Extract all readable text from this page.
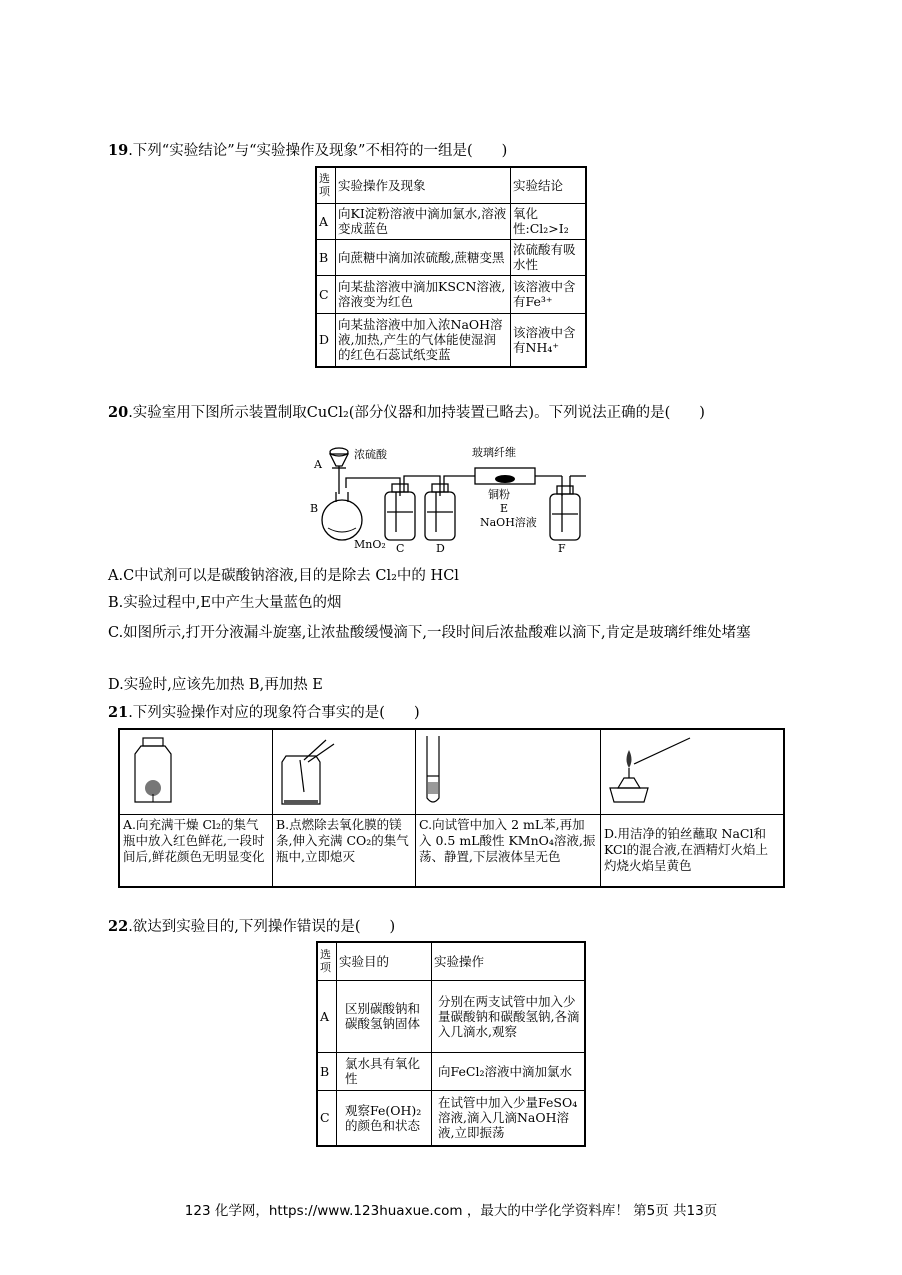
19.下列“实验结论”与“实验操作及现象”不相符的一组是(　　)
选项	实验操作及现象	实验结论
A	向KI淀粉溶液中滴加氯水,溶液变成蓝色	氧化性:Cl₂>I₂
B	向蔗糖中滴加浓硫酸,蔗糖变黑	浓硫酸有吸水性
C	向某盐溶液中滴加KSCN溶液,溶液变为红色	该溶液中含有Fe³⁺
D	向某盐溶液中加入浓NaOH溶液,加热,产生的气体能使湿润的红色石蕊试纸变蓝	该溶液中含有NH₄⁺
20.实验室用下图所示装置制取CuCl₂(部分仪器和加持装置已略去)。下列说法正确的是(　　)
A
浓硫酸
B
MnO₂ C	D
玻璃纤维
铜粉
E
NaOH溶液
F
A.C中试剂可以是碳酸钠溶液,目的是除去 Cl₂中的 HCl
B.实验过程中,E中产生大量蓝色的烟
C.如图所示,打开分液漏斗旋塞,让浓盐酸缓慢滴下,一段时间后浓盐酸难以滴下,肯定是玻璃纤维处堵塞
D.实验时,应该先加热 B,再加热 E
21.下列实验操作对应的现象符合事实的是(　　)

A.向充满干燥 Cl₂的集气瓶中放入红色鲜花,一段时间后,鲜花颜色无明显变化	B.点燃除去氧化膜的镁条,伸入充满 CO₂的集气瓶中,立即熄灭	C.向试管中加入 2 mL苯,再加入 0.5 mL酸性 KMnO₄溶液,振荡、静置,下层液体呈无色	D.用洁净的铂丝蘸取 NaCl和 KCl的混合液,在酒精灯火焰上灼烧火焰呈黄色
22.欲达到实验目的,下列操作错误的是(　　)
选项	实验目的	实验操作
A	区别碳酸钠和碳酸氢钠固体	分别在两支试管中加入少量碳酸钠和碳酸氢钠,各滴入几滴水,观察
B	氯水具有氧化性	向FeCl₂溶液中滴加氯水
C	观察Fe(OH)₂的颜色和状态	在试管中加入少量FeSO₄溶液,滴入几滴NaOH溶液,立即振荡
123 化学网，https://www.123huaxue.com ，最大的中学化学资料库！ 第5页 共13页
